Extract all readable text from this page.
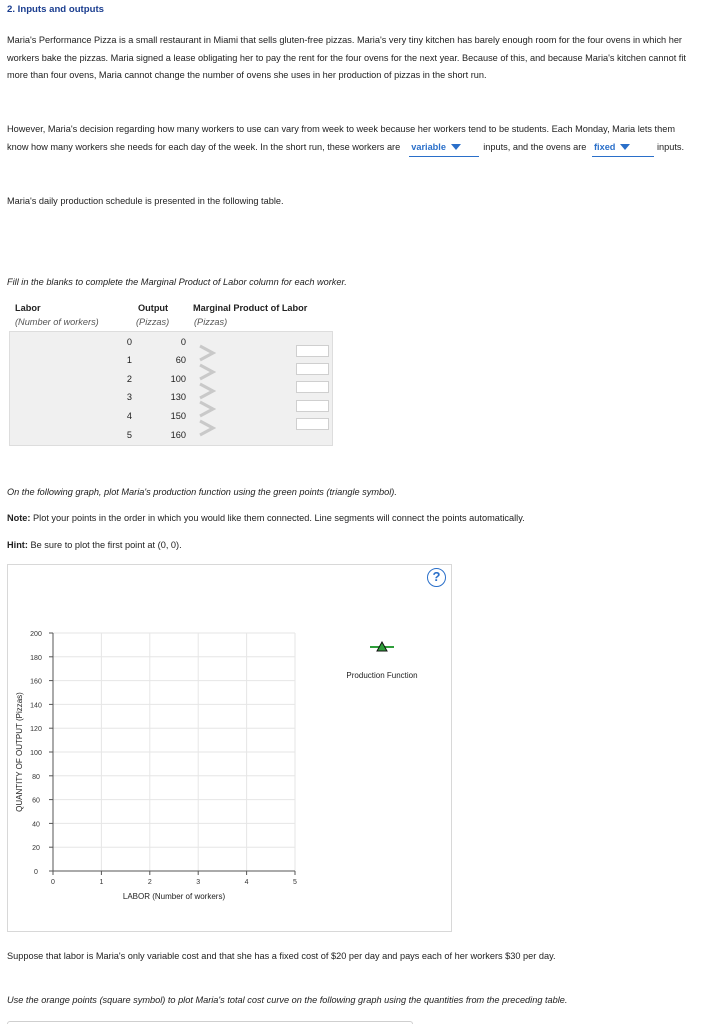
2. Inputs and outputs
Maria's Performance Pizza is a small restaurant in Miami that sells gluten-free pizzas. Maria's very tiny kitchen has barely enough room for the four ovens in which her workers bake the pizzas. Maria signed a lease obligating her to pay the rent for the four ovens for the next year. Because of this, and because Maria's kitchen cannot fit more than four ovens, Maria cannot change the number of ovens she uses in her production of pizzas in the short run.
However, Maria's decision regarding how many workers to use can vary from week to week because her workers tend to be students. Each Monday, Maria lets them know how many workers she needs for each day of the week. In the short run, these workers are variable	inputs, and the ovens are fixed	inputs.
Maria's daily production schedule is presented in the following table.
Fill in the blanks to complete the Marginal Product of Labor column for each worker.
Labor
(Number of workers)
Output
(Pizzas)
Marginal Product of Labor
(Pizzas)
0	0
1	60
2	100
3	130
4	150
5	160
On the following graph, plot Maria's production function using the green points (triangle symbol).
Note: Plot your points in the order in which you would like them connected. Line segments will connect the points automatically.
Hint: Be sure to plot the first point at (0, 0).
?
0
20
40
60
80
100
120
140
160
180
200
0	1	2	3	4	5
LABOR (Number of workers)
QUANTITY OF OUTPUT (Pizzas)
Production Function
Suppose that labor is Maria's only variable cost and that she has a fixed cost of $20 per day and pays each of her workers $30 per day.
Use the orange points (square symbol) to plot Maria's total cost curve on the following graph using the quantities from the preceding table.
